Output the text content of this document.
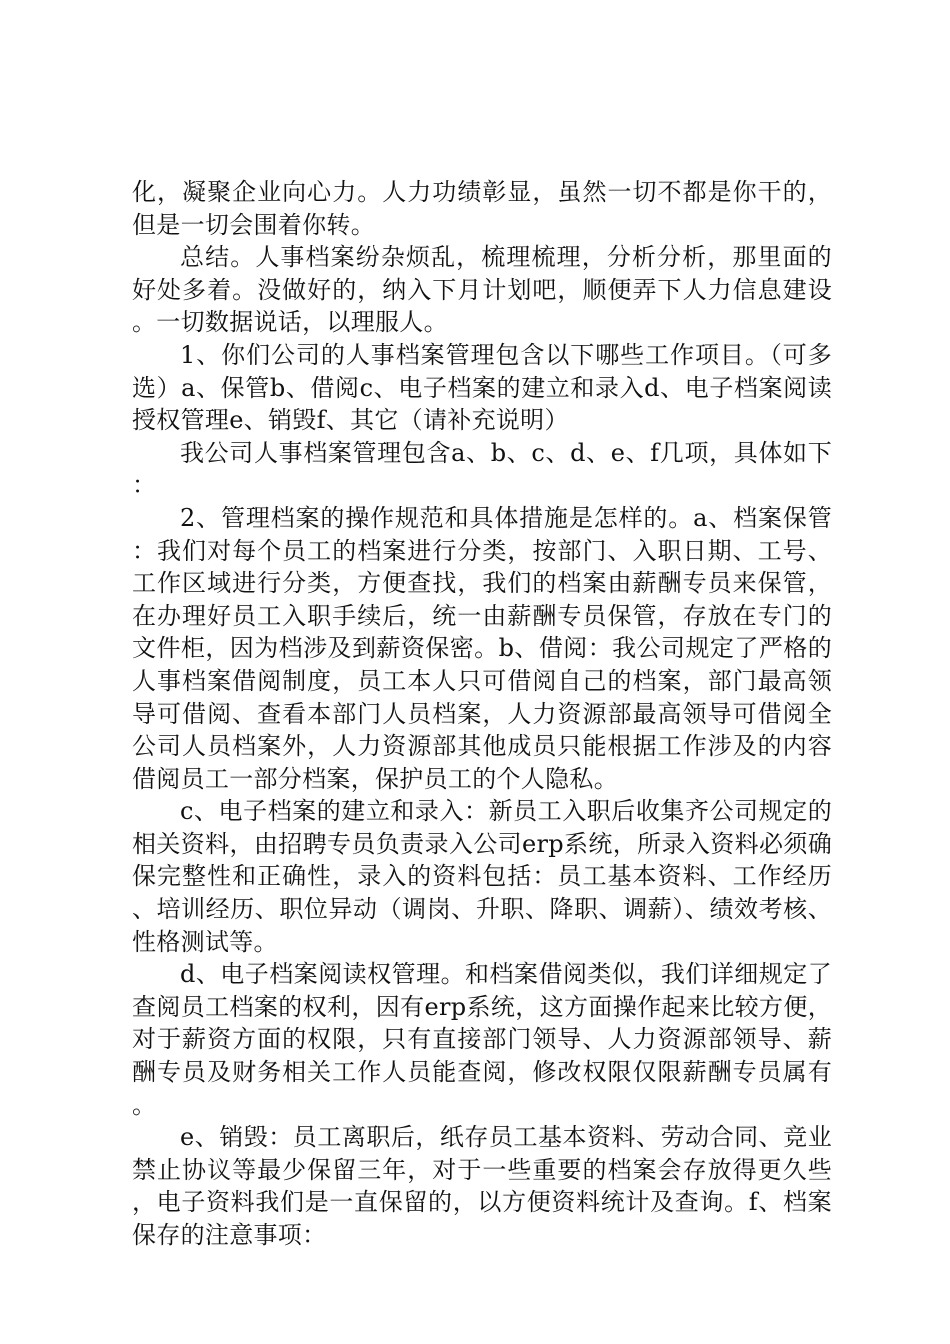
化，凝聚企业向心力。人力功绩彰显，虽然一切不都是你干的，但是一切会围着你转。

总结。人事档案纷杂烦乱，梳理梳理，分析分析，那里面的好处多着。没做好的，纳入下月计划吧，顺便弄下人力信息建设。一切数据说话，以理服人。

1、你们公司的人事档案管理包含以下哪些工作项目。（可多选）a、保管b、借阅c、电子档案的建立和录入d、电子档案阅读授权管理e、销毁f、其它（请补充说明）

我公司人事档案管理包含a、b、c、d、e、f几项，具体如下：

2、管理档案的操作规范和具体措施是怎样的。a、档案保管：我们对每个员工的档案进行分类，按部门、入职日期、工号、工作区域进行分类，方便查找，我们的档案由薪酬专员来保管，在办理好员工入职手续后，统一由薪酬专员保管，存放在专门的文件柜，因为档涉及到薪资保密。b、借阅：我公司规定了严格的人事档案借阅制度，员工本人只可借阅自己的档案，部门最高领导可借阅、查看本部门人员档案，人力资源部最高领导可借阅全公司人员档案外，人力资源部其他成员只能根据工作涉及的内容借阅员工一部分档案，保护员工的个人隐私。

c、电子档案的建立和录入：新员工入职后收集齐公司规定的相关资料，由招聘专员负责录入公司erp系统，所录入资料必须确保完整性和正确性，录入的资料包括：员工基本资料、工作经历、培训经历、职位异动（调岗、升职、降职、调薪）、绩效考核、性格测试等。

d、电子档案阅读权管理。和档案借阅类似，我们详细规定了查阅员工档案的权利，因有erp系统，这方面操作起来比较方便，对于薪资方面的权限，只有直接部门领导、人力资源部领导、薪酬专员及财务相关工作人员能查阅，修改权限仅限薪酬专员属有。

e、销毁：员工离职后，纸存员工基本资料、劳动合同、竞业禁止协议等最少保留三年，对于一些重要的档案会存放得更久些，电子资料我们是一直保留的，以方便资料统计及查询。f、档案保存的注意事项：
